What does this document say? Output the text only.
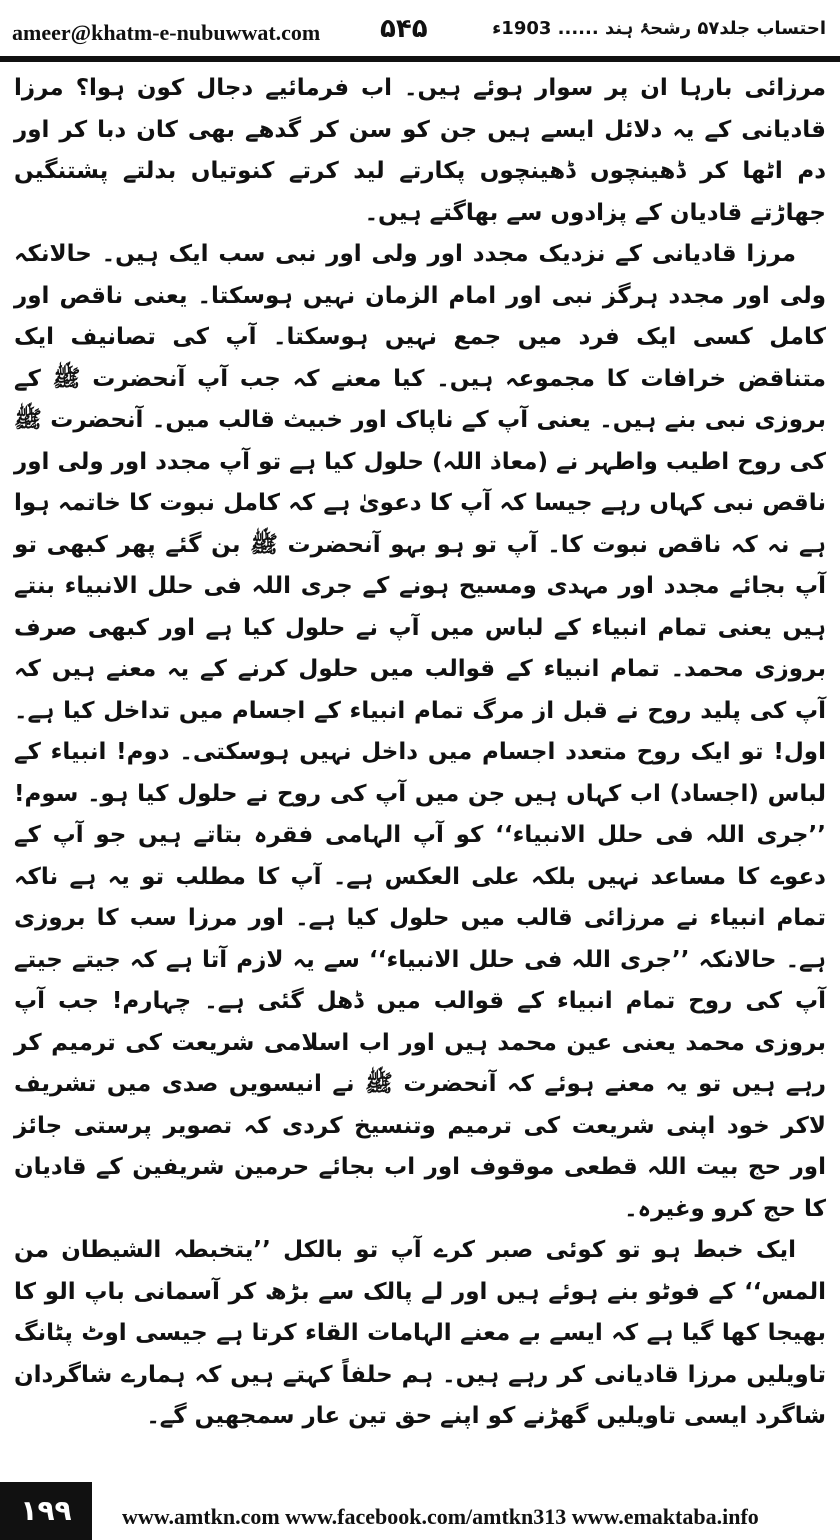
ameer@khatm-e-nubuwwat.com ۵۴۵	احتساب جلد۵۷ رشحۂ ہند ...... 1903ء

مرزائی بارہا ان پر سوار ہوئے ہیں۔ اب فرمائیے دجال کون ہوا؟ مرزا قادیانی کے یہ دلائل ایسے ہیں جن کو سن کر گدھے بھی کان دبا کر اور دم اٹھا کر ڈھینچوں ڈھینچوں پکارتے لید کرتے کنوتیاں بدلتے پشتنگیں جھاڑتے قادیان کے پزادوں سے بھاگتے ہیں۔

مرزا قادیانی کے نزدیک مجدد اور ولی اور نبی سب ایک ہیں۔ حالانکہ ولی اور مجدد ہرگز نبی اور امام الزمان نہیں ہوسکتا۔ یعنی ناقص اور کامل کسی ایک فرد میں جمع نہیں ہوسکتا۔ آپ کی تصانیف ایک متناقض خرافات کا مجموعہ ہیں۔ کیا معنے کہ جب آپ آنحضرت ﷺ کے بروزی نبی بنے ہیں۔ یعنی آپ کے ناپاک اور خبیث قالب میں۔ آنحضرت ﷺ کی روح اطیب واطہر نے (معاذ اللہ) حلول کیا ہے تو آپ مجدد اور ولی اور ناقص نبی کہاں رہے جیسا کہ آپ کا دعویٰ ہے کہ کامل نبوت کا خاتمہ ہوا ہے نہ کہ ناقص نبوت کا۔ آپ تو ہو بہو آنحضرت ﷺ بن گئے پھر کبھی تو آپ بجائے مجدد اور مہدی ومسیح ہونے کے جری اللہ فی حلل الانبیاء بنتے ہیں یعنی تمام انبیاء کے لباس میں آپ نے حلول کیا ہے اور کبھی صرف بروزی محمد۔ تمام انبیاء کے قوالب میں حلول کرنے کے یہ معنے ہیں کہ آپ کی پلید روح نے قبل از مرگ تمام انبیاء کے اجسام میں تداخل کیا ہے۔ اول! تو ایک روح متعدد اجسام میں داخل نہیں ہوسکتی۔ دوم! انبیاء کے لباس (اجساد) اب کہاں ہیں جن میں آپ کی روح نے حلول کیا ہو۔ سوم! ’’جری اللہ فی حلل الانبیاء‘‘ کو آپ الہامی فقرہ بتاتے ہیں جو آپ کے دعوے کا مساعد نہیں بلکہ علی العکس ہے۔ آپ کا مطلب تو یہ ہے ناکہ تمام انبیاء نے مرزائی قالب میں حلول کیا ہے۔ اور مرزا سب کا بروزی ہے۔ حالانکہ ’’جری اللہ فی حلل الانبیاء‘‘ سے یہ لازم آتا ہے کہ جیتے جیتے آپ کی روح تمام انبیاء کے قوالب میں ڈھل گئی ہے۔ چہارم! جب آپ بروزی محمد یعنی عین محمد ہیں اور اب اسلامی شریعت کی ترمیم کر رہے ہیں تو یہ معنے ہوئے کہ آنحضرت ﷺ نے انیسویں صدی میں تشریف لاکر خود اپنی شریعت کی ترمیم وتنسیخ کردی کہ تصویر پرستی جائز اور حج بیت اللہ قطعی موقوف اور اب بجائے حرمین شریفین کے قادیان کا حج کرو وغیرہ۔

ایک خبط ہو تو کوئی صبر کرے آپ تو بالکل ’’یتخبطہ الشیطان من المس‘‘ کے فوٹو بنے ہوئے ہیں اور لے پالک سے بڑھ کر آسمانی باپ الو کا بھیجا کھا گیا ہے کہ ایسے بے معنے الہامات القاء کرتا ہے جیسی اوٹ پٹانگ تاویلیں مرزا قادیانی کر رہے ہیں۔ ہم حلفاً کہتے ہیں کہ ہمارے شاگردان شاگرد ایسی تاویلیں گھڑنے کو اپنے حق تین عار سمجھیں گے۔

۱۹۹	www.amtkn.com www.facebook.com/amtkn313 www.emaktaba.info
